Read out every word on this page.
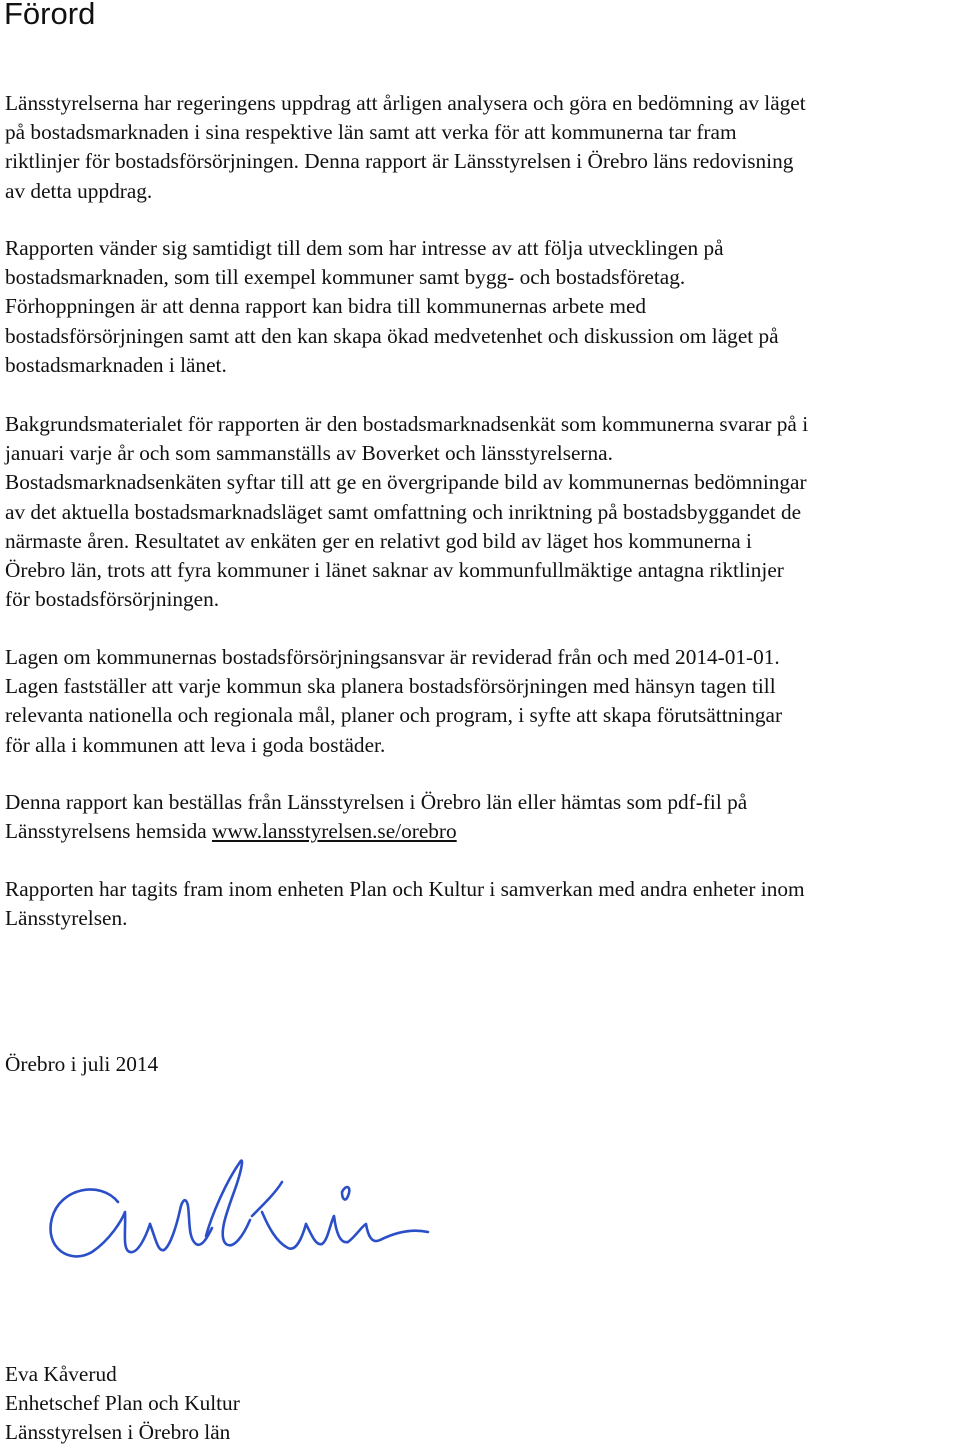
Förord
Länsstyrelserna har regeringens uppdrag att årligen analysera och göra en bedömning av läget
på bostadsmarknaden i sina respektive län samt att verka för att kommunerna tar fram
riktlinjer för bostadsförsörjningen. Denna rapport är Länsstyrelsen i Örebro läns redovisning
av detta uppdrag.
Rapporten vänder sig samtidigt till dem som har intresse av att följa utvecklingen på
bostadsmarknaden, som till exempel kommuner samt bygg- och bostadsföretag.
Förhoppningen är att denna rapport kan bidra till kommunernas arbete med
bostadsförsörjningen samt att den kan skapa ökad medvetenhet och diskussion om läget på
bostadsmarknaden i länet.
Bakgrundsmaterialet för rapporten är den bostadsmarknadsenkät som kommunerna svarar på i
januari varje år och som sammanställs av Boverket och länsstyrelserna.
Bostadsmarknadsenkäten syftar till att ge en övergripande bild av kommunernas bedömningar
av det aktuella bostadsmarknadsläget samt omfattning och inriktning på bostadsbyggandet de
närmaste åren. Resultatet av enkäten ger en relativt god bild av läget hos kommunerna i
Örebro län, trots att fyra kommuner i länet saknar av kommunfullmäktige antagna riktlinjer
för bostadsförsörjningen.
Lagen om kommunernas bostadsförsörjningsansvar är reviderad från och med 2014-01-01.
Lagen fastställer att varje kommun ska planera bostadsförsörjningen med hänsyn tagen till
relevanta nationella och regionala mål, planer och program, i syfte att skapa förutsättningar
för alla i kommunen att leva i goda bostäder.
Denna rapport kan beställas från Länsstyrelsen i Örebro län eller hämtas som pdf-fil på
Länsstyrelsens hemsida www.lansstyrelsen.se/orebro
Rapporten har tagits fram inom enheten Plan och Kultur i samverkan med andra enheter inom
Länsstyrelsen.
Örebro i juli 2014
Eva Kåverud
Enhetschef Plan och Kultur
Länsstyrelsen i Örebro län
